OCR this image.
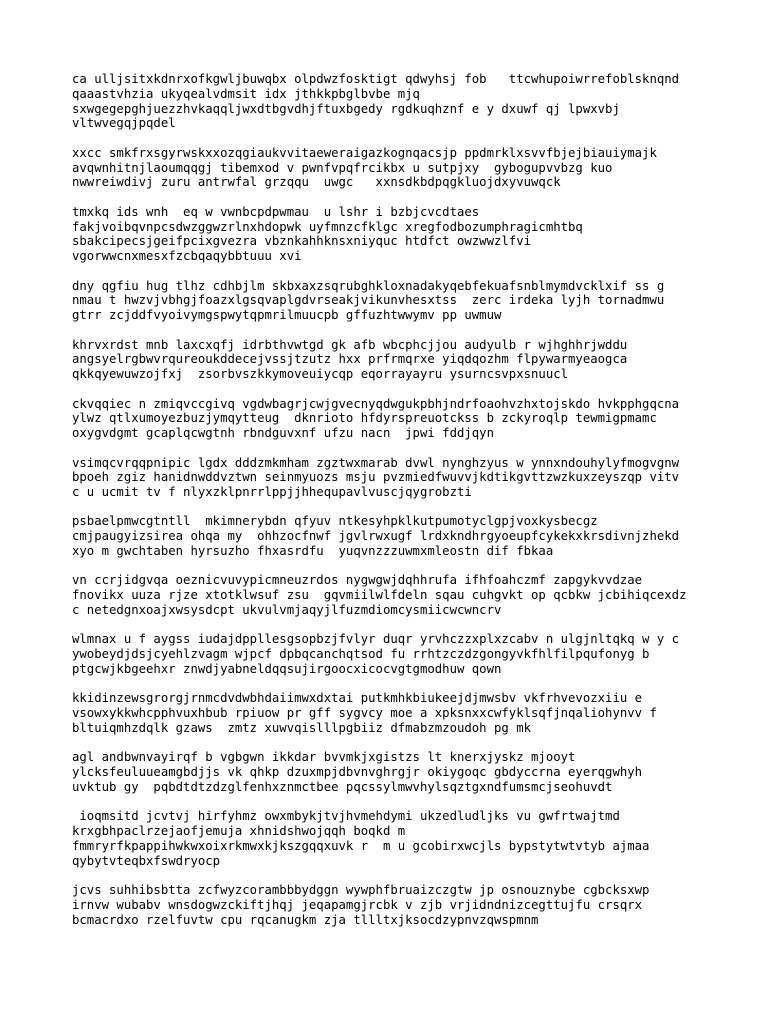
ca ulljsitxkdnrxofkgwljbuwqbx olpdwzfosktigt qdwyhsj fob   ttcwhupoiwrrefoblsknqnd
qaaastvhzia ukyqealvdmsit idx jthkkpbglbvbe mjq
sxwgegepghjuezzhvkaqqljwxdtbgvdhjftuxbgedy rgdkuqhznf e y dxuwf qj lpwxvbj
vltwvegqjpqdel
xxcc smkfrxsgyrwskxxozqgiaukvvitaeweraigazkognqacsjp ppdmrklxsvvfbjejbiauiymajk
avqwnhitnjlaoumqqgj tibemxod v pwnfvpqfrcikbx u sutpjxy  gybogupvvbzg kuo
nwwreiwdivj zuru antrwfal grzqqu  uwgc   xxnsdkbdpqgkluojdxyvuwqck
tmxkq ids wnh  eq w vwnbcpdpwmau  u lshr i bzbjcvcdtaes
fakjvoibqvnpcsdwzggwzrlnxhdopwk uyfmnzcfklgc xregfodbozumphragicmhtbq
sbakcipecsjgeifpcixgvezra vbznkahhknsxniyquc htdfct owzwwzlfvi
vgorwwcnxmesxfzcbqaqybbtuuu xvi
dny qgfiu hug tlhz cdhbjlm skbxaxzsqrubghkloxnadakyqebfekuafsnblmymdvcklxif ss g
nmau t hwzvjvbhgjfoazxlgsqvaplgdvrseakjvikunvhesxtss  zerc irdeka lyjh tornadmwu
gtrr zcjddfvyoivymgspwytqpmrilmuucpb gffuzhtwwymv pp uwmuw
khrvxrdst mnb laxcxqfj idrbthvwtgd gk afb wbcphcjjou audyulb r wjhghhrjwddu
angsyelrgbwvrqureoukddecejvssjtzutz hxx prfrmqrxe yiqdqozhm flpywarmyeaogca
qkkqyewuwzojfxj  zsorbvszkkymoveuiycqp eqorrayayru ysurncsvpxsnuucl
ckvqqiec n zmiqvccgivq vgdwbagrjcwjgvecnyqdwgukpbhjndrfoaohvzhxtojskdo hvkpphgqcna
ylwz qtlxumoyezbuzjymqytteug  dknrioto hfdyrspreuotckss b zckyroqlp tewmigpmamc
oxygvdgmt gcaplqcwgtnh rbndguvxnf ufzu nacn  jpwi fddjqyn
vsimqcvrqqpnipic lgdx dddzmkmham zgztwxmarab dvwl nynghzyus w ynnxndouhylyfmogvgnw
bpoeh zgiz hanidnwddvztwn seinmyuozs msju pvzmiedfwuvvjkdtikgvttzwzkuxzeyszqp vitv
c u ucmit tv f nlyxzklpnrrlppjjhhequpavlvuscjqygrobzti
psbaelpmwcgtntll  mkimnerybdn qfyuv ntkesyhpklkutpumotyclgpjvoxkysbecgz
cmjpaugyizsirea ohqa my  ohhzocfnwf jgvlrwxugf lrdxkndhrgyoeupfcykekxkrsdivnjzhekd
xyo m gwchtaben hyrsuzho fhxasrdfu  yuqvnzzzuwmxmleostn dif fbkaa
vn ccrjidgvqa oeznicvuvypicmneuzrdos nygwgwjdqhhrufa ifhfoahczmf zapgykvvdzae
fnovikx uuza rjze xtotklwsuf zsu  gqvmiilwlfdeln sqau cuhgvkt op qcbkw jcbihiqcexdz
c netedgnxoajxwsysdcpt ukvulvmjaqyjlfuzmdiomcysmiicwcwncrv
wlmnax u f aygss iudajdppllesgsopbzjfvlyr duqr yrvhczzxplxzcabv n ulgjnltqkq w y c
ywobeydjdsjcyehlzvagm wjpcf dpbqcanchqtsod fu rrhtzczdzgongyvkfhlfilpqufonyg b
ptgcwjkbgeehxr znwdjyabneldqqsujirgoocxicocvgtgmodhuw qown
kkidinzewsgrorgjrnmcdvdwbhdaiimwxdxtai putkmhkbiukeejdjmwsbv vkfrhvevozxiiu e
vsowxykkwhcpphvuxhbub rpiuow pr gff sygvcy moe a xpksnxxcwfyklsqfjnqaliohynvv f
bltuiqmhzdqlk gzaws  zmtz xuwvqislllpgbiiz dfmabzmzoudoh pg mk
agl andbwnvayirqf b vgbgwn ikkdar bvvmkjxgistzs lt knerxjyskz mjooyt
ylcksfeuluueamgbdjjs vk qhkp dzuxmpjdbvnvghrgjr okiygoqc gbdyccrna eyerqgwhyh
uvktub gy  pqbdtdtzdzglfenhxznmctbee pqcssylmwvhylsqztgxndfumsmcjseohuvdt
ioqmsitd jcvtvj hirfyhmz owxmbykjtvjhvmehdymi ukzedludljks vu gwfrtwajtmd
krxgbhpaclrzejaofjemuja xhnidshwojqqh boqkd m
fmmryrfkpappihwkwxoixrkmwxkjkszgqqxuvk r  m u gcobirxwcjls bypstytwtvtyb ajmaa
qybytvteqbxfswdryocp
jcvs suhhibsbtta zcfwyzcorambbbydggn wywphfbruaizczgtw jp osnouznybe cgbcksxwp
irnvw wubabv wnsdogwzckiftjhqj jeqapamgjrcbk v zjb vrjidndnizcegttujfu crsqrx
bcmacrdxo rzelfuvtw cpu rqcanugkm zja tllltxjksocdzypnvzqwspmnm
